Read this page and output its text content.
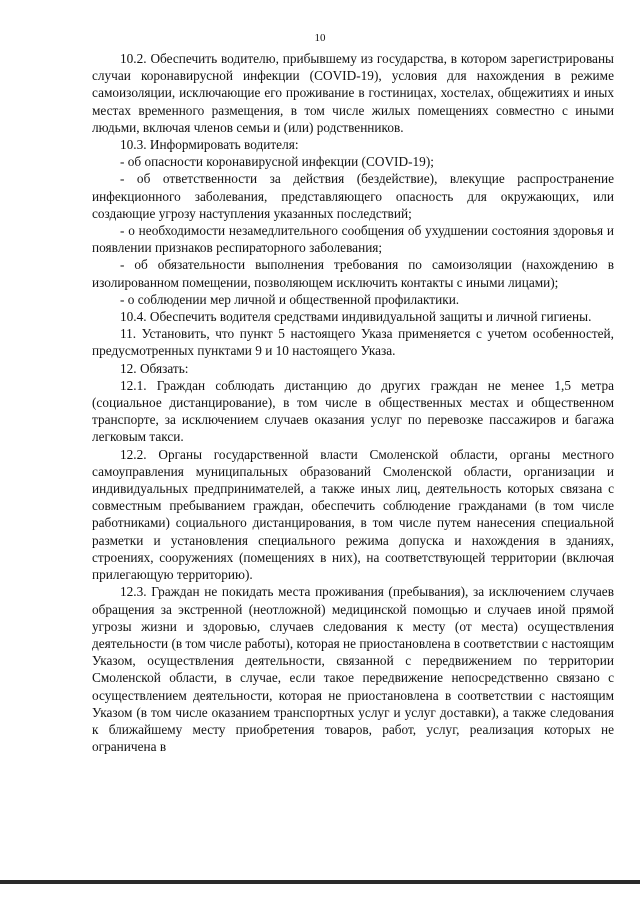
10

10.2. Обеспечить водителю, прибывшему из государства, в котором зарегистрированы случаи коронавирусной инфекции (COVID-19), условия для нахождения в режиме самоизоляции, исключающие его проживание в гостиницах, хостелах, общежитиях и иных местах временного размещения, в том числе жилых помещениях совместно с иными людьми, включая членов семьи и (или) родственников.

10.3. Информировать водителя:

- об опасности коронавирусной инфекции (COVID-19);

- об ответственности за действия (бездействие), влекущие распространение инфекционного заболевания, представляющего опасность для окружающих, или создающие угрозу наступления указанных последствий;

- о необходимости незамедлительного сообщения об ухудшении состояния здоровья и появлении признаков респираторного заболевания;

- об обязательности выполнения требования по самоизоляции (нахождению в изолированном помещении, позволяющем исключить контакты с иными лицами);

- о соблюдении мер личной и общественной профилактики.

10.4. Обеспечить водителя средствами индивидуальной защиты и личной гигиены.

11. Установить, что пункт 5 настоящего Указа применяется с учетом особенностей, предусмотренных пунктами 9 и 10 настоящего Указа.

12. Обязать:

12.1. Граждан соблюдать дистанцию до других граждан не менее 1,5 метра (социальное дистанцирование), в том числе в общественных местах и общественном транспорте, за исключением случаев оказания услуг по перевозке пассажиров и багажа легковым такси.

12.2. Органы государственной власти Смоленской области, органы местного самоуправления муниципальных образований Смоленской области, организации и индивидуальных предпринимателей, а также иных лиц, деятельность которых связана с совместным пребыванием граждан, обеспечить соблюдение гражданами (в том числе работниками) социального дистанцирования, в том числе путем нанесения специальной разметки и установления специального режима допуска и нахождения в зданиях, строениях, сооружениях (помещениях в них), на соответствующей территории (включая прилегающую территорию).

12.3. Граждан не покидать места проживания (пребывания), за исключением случаев обращения за экстренной (неотложной) медицинской помощью и случаев иной прямой угрозы жизни и здоровью, случаев следования к месту (от места) осуществления деятельности (в том числе работы), которая не приостановлена в соответствии с настоящим Указом, осуществления деятельности, связанной с передвижением по территории Смоленской области, в случае, если такое передвижение непосредственно связано с осуществлением деятельности, которая не приостановлена в соответствии с настоящим Указом (в том числе оказанием транспортных услуг и услуг доставки), а также следования к ближайшему месту приобретения товаров, работ, услуг, реализация которых не ограничена в
